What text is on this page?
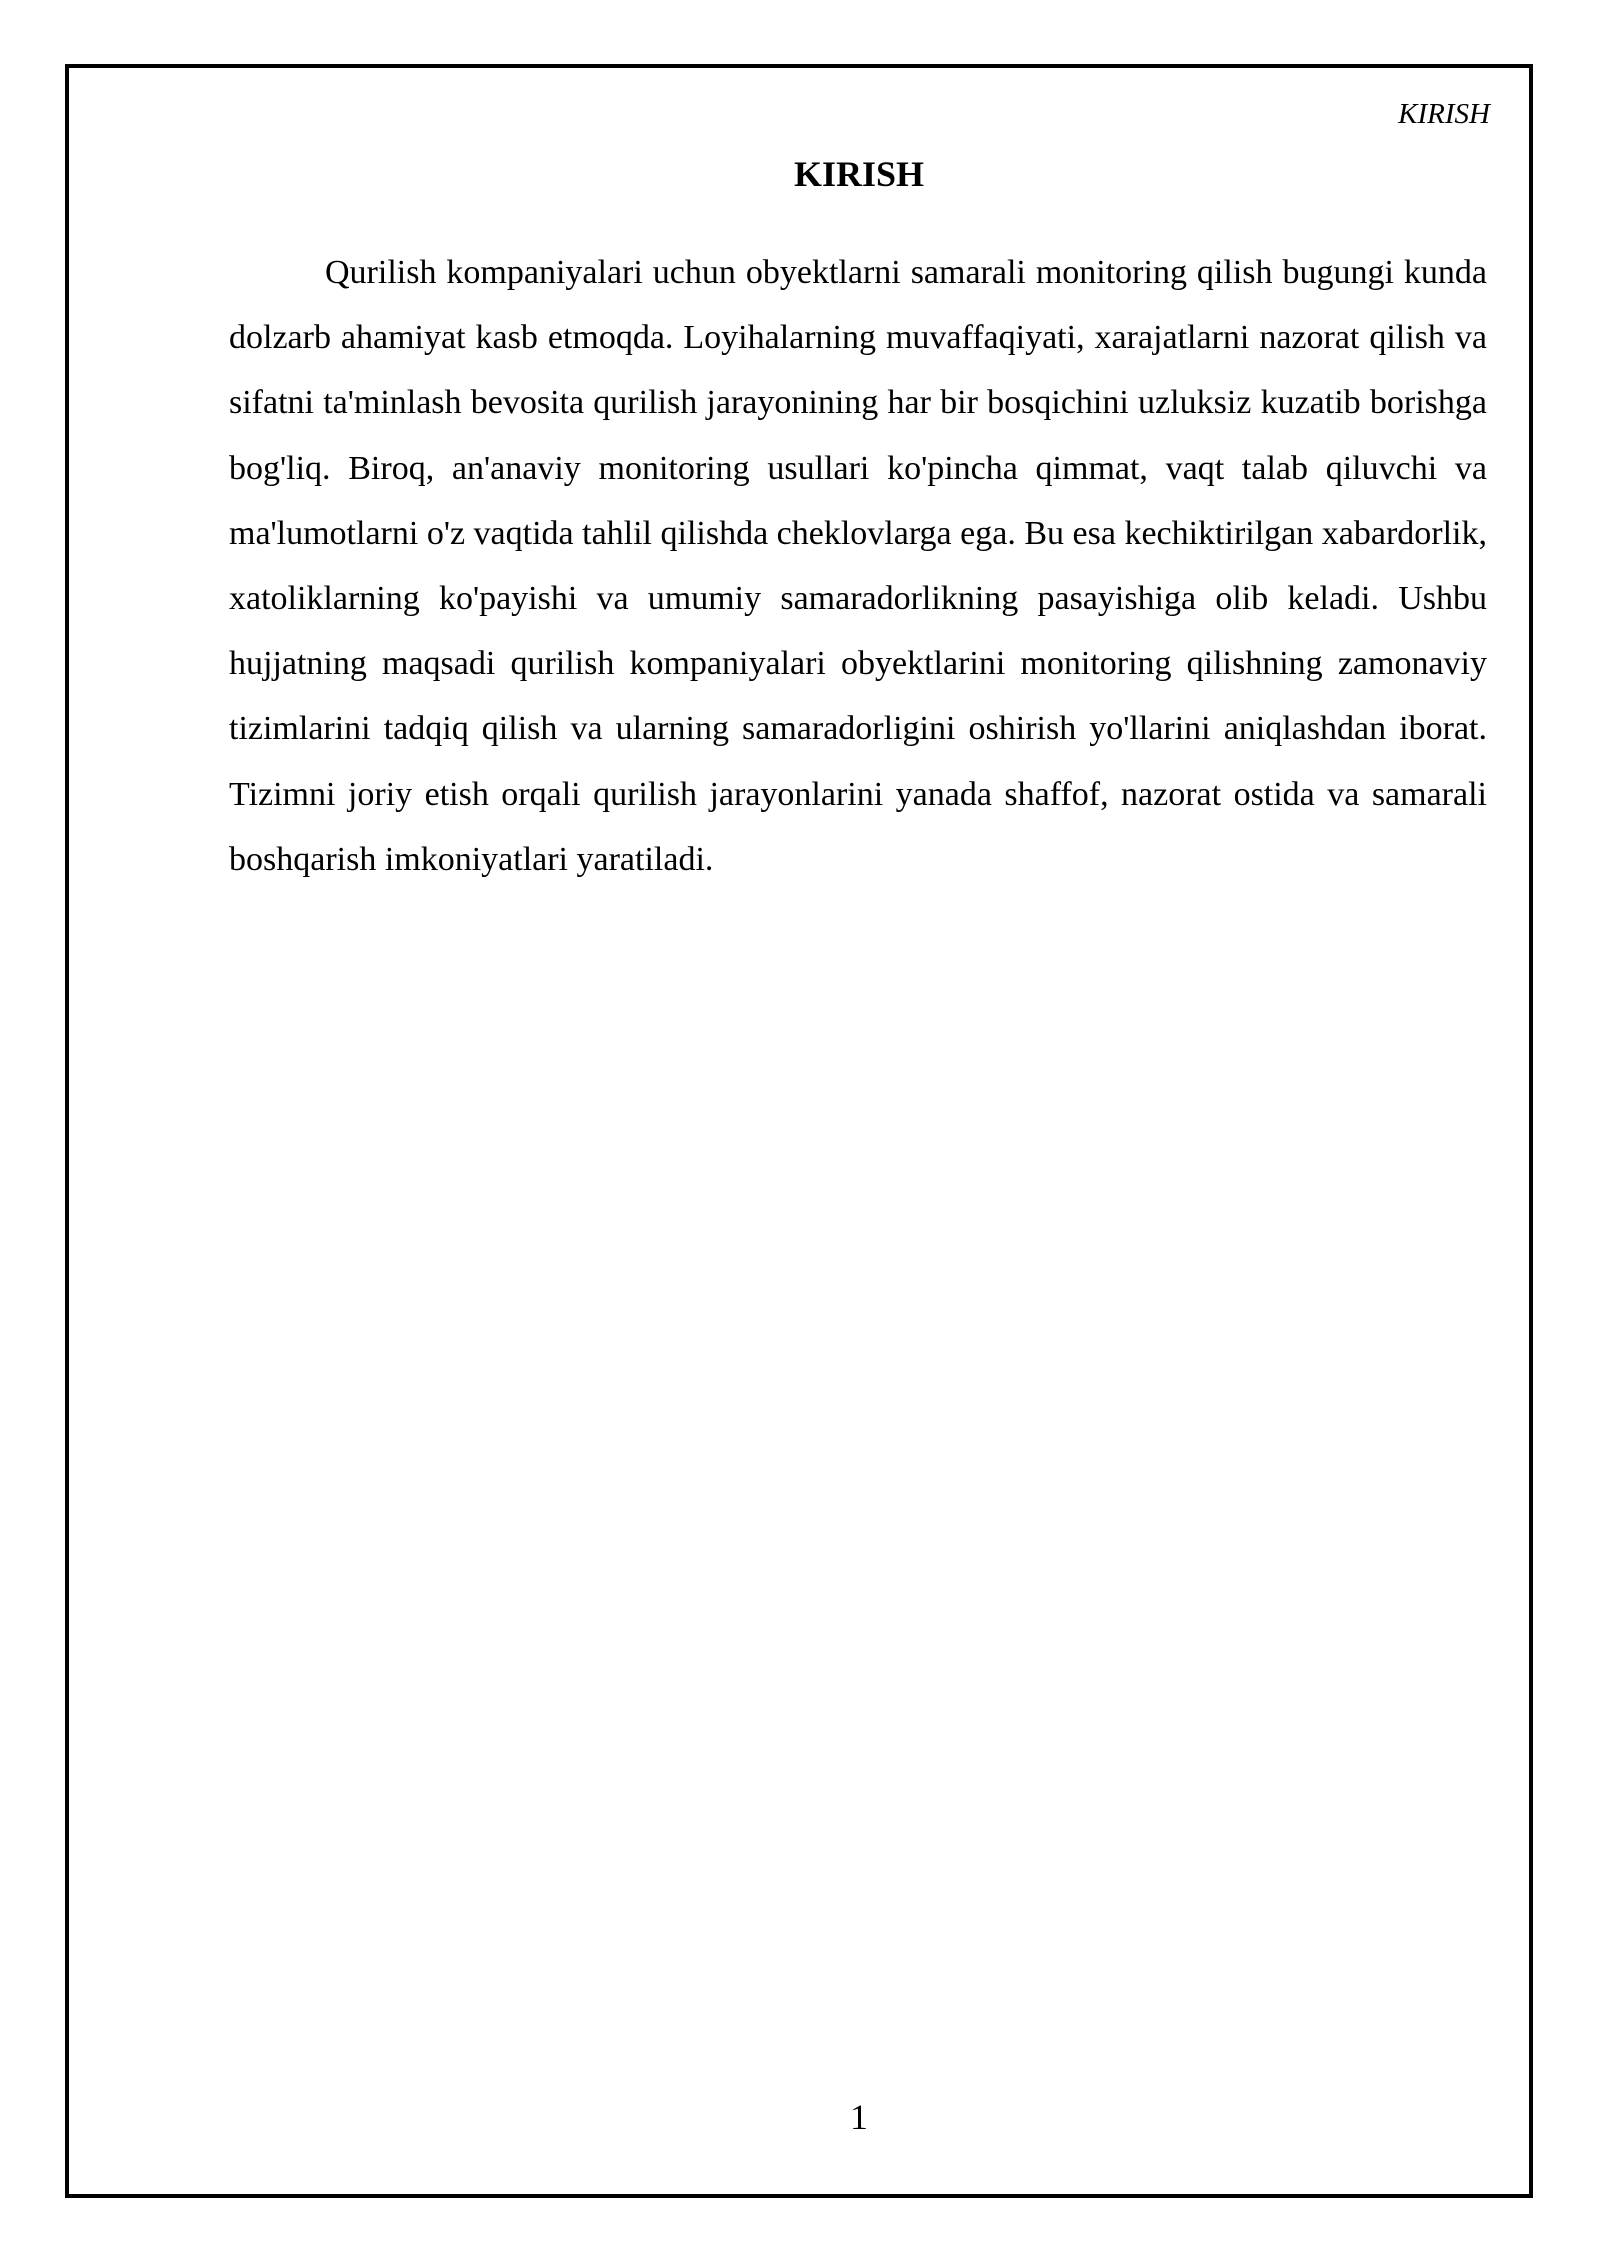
KIRISH
KIRISH

Qurilish kompaniyalari uchun obyektlarni samarali monitoring qilish bugungi kunda dolzarb ahamiyat kasb etmoqda. Loyihalarning muvaffaqiyati, xarajatlarni nazorat qilish va sifatni ta'minlash bevosita qurilish jarayonining har bir bosqichini uzluksiz kuzatib borishga bog'liq. Biroq, an'anaviy monitoring usullari ko'pincha qimmat, vaqt talab qiluvchi va ma'lumotlarni o'z vaqtida tahlil qilishda cheklovlarga ega. Bu esa kechiktirilgan xabardorlik, xatoliklarning ko'payishi va umumiy samaradorlikning pasayishiga olib keladi. Ushbu hujjatning maqsadi qurilish kompaniyalari obyektlarini monitoring qilishning zamonaviy tizimlarini tadqiq qilish va ularning samaradorligini oshirish yo'llarini aniqlashdan iborat. Tizimni joriy etish orqali qurilish jarayonlarini yanada shaffof, nazorat ostida va samarali boshqarish imkoniyatlari yaratiladi.

1
